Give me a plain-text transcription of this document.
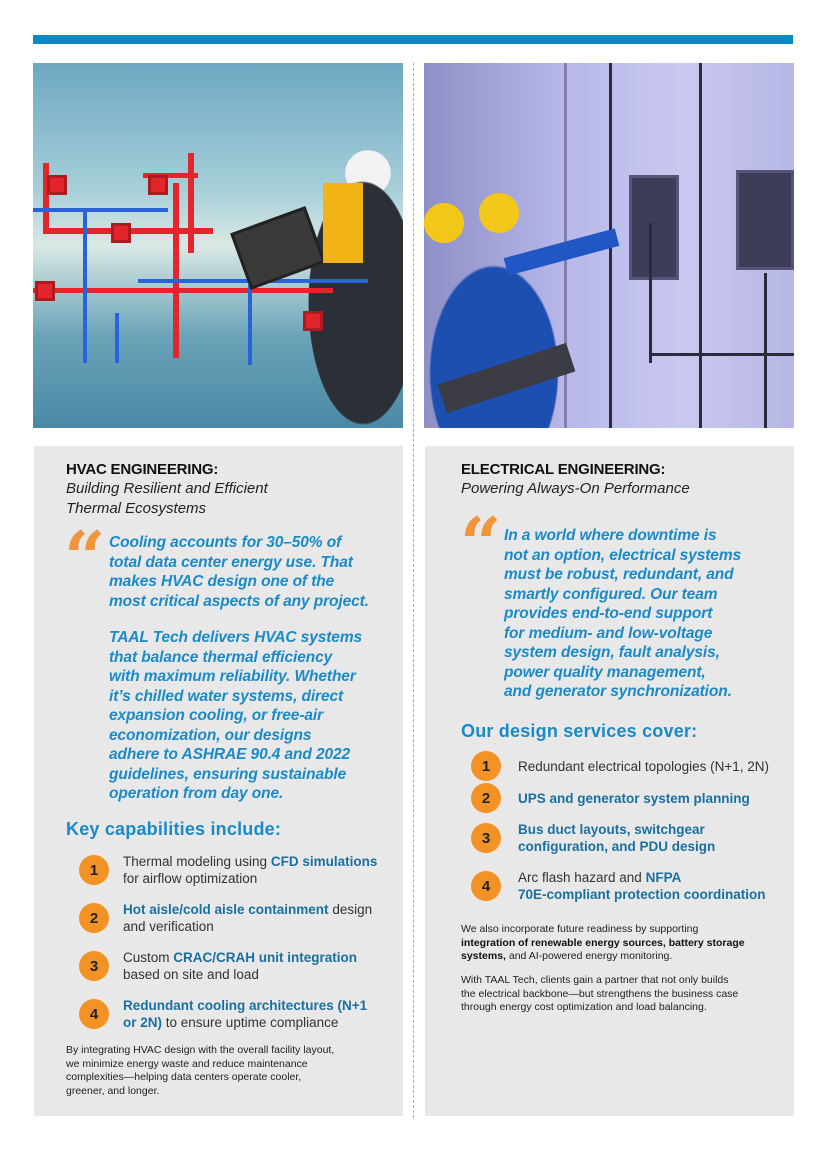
HVAC ENGINEERING:
Building Resilient and Efficient
Thermal Ecosystems
“ Cooling accounts for 30–50% of
total data center energy use. That
makes HVAC design one of the
most critical aspects of any project.
TAAL Tech delivers HVAC systems
that balance thermal efficiency
with maximum reliability. Whether
it’s chilled water systems, direct
expansion cooling, or free-air
economization, our designs
adhere to ASHRAE 90.4 and 2022
guidelines, ensuring sustainable
operation from day one.
Key capabilities include:
1	Thermal modeling using CFD simulations
for airflow optimization
2	Hot aisle/cold aisle containment design
and verification
3	Custom CRAC/CRAH unit integration
based on site and load
4	Redundant cooling architectures (N+1
or 2N) to ensure uptime compliance
By integrating HVAC design with the overall facility layout,
we minimize energy waste and reduce maintenance
complexities—helping data centers operate cooler,
greener, and longer.
ELECTRICAL ENGINEERING:
Powering Always-On Performance
“ In a world where downtime is
not an option, electrical systems
must be robust, redundant, and
smartly configured. Our team
provides end-to-end support
for medium- and low-voltage
system design, fault analysis,
power quality management,
and generator synchronization.
Our design services cover:
1	Redundant electrical topologies (N+1, 2N)
2	UPS and generator system planning
3	Bus duct layouts, switchgear
configuration, and PDU design
4	Arc flash hazard and NFPA
70E-compliant protection coordination
We also incorporate future readiness by supporting
integration of renewable energy sources, battery storage
systems, and AI-powered energy monitoring.
With TAAL Tech, clients gain a partner that not only builds
the electrical backbone—but strengthens the business case
through energy cost optimization and load balancing.
